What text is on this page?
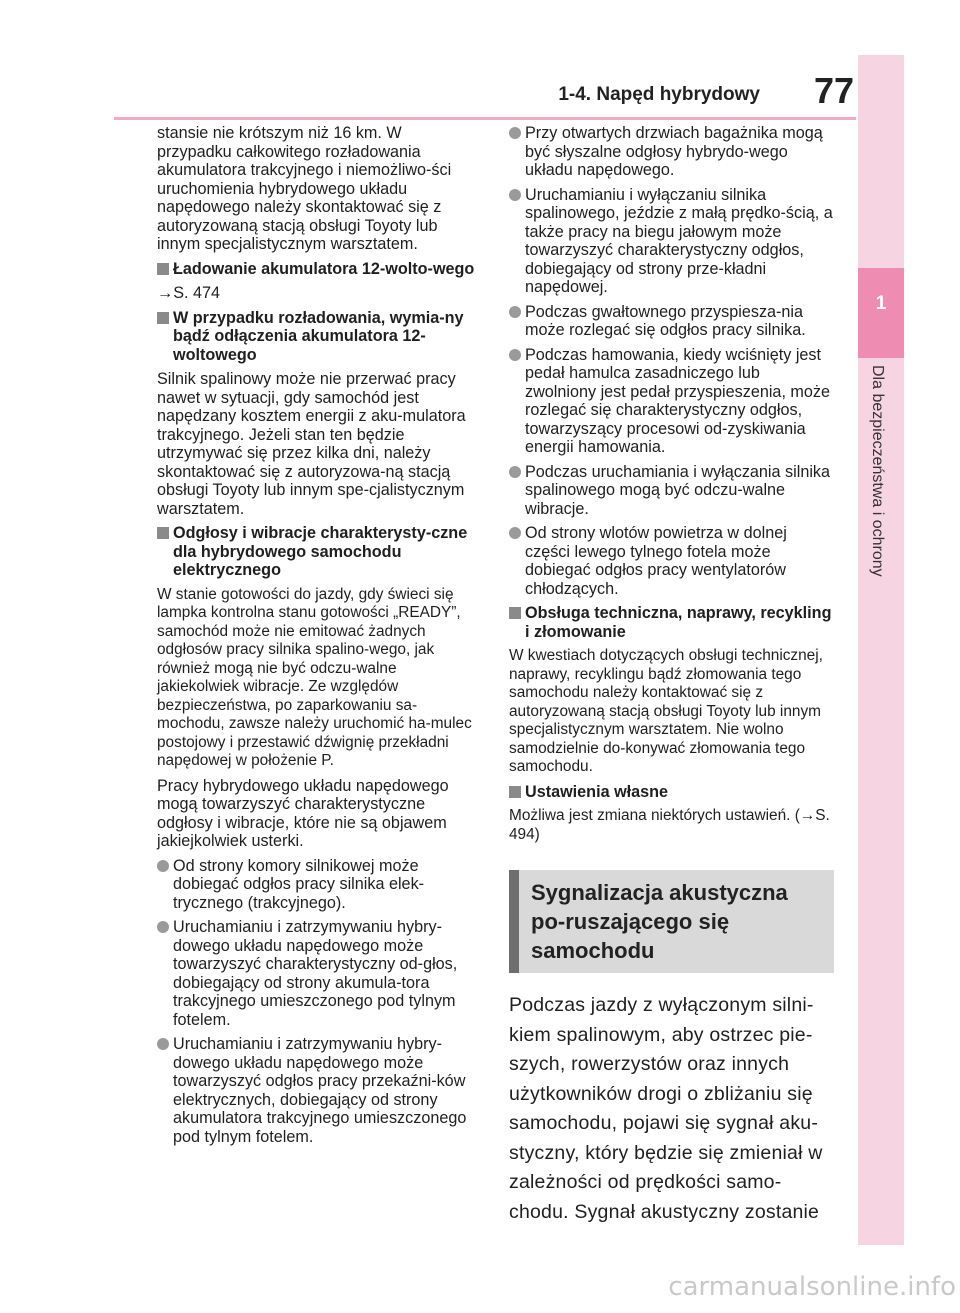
1-4. Napęd hybrydowy	77
1
Dla bezpieczeństwa i ochrony

stansie nie krótszym niż 16 km. W przypadku całkowitego rozładowania akumulatora trakcyjnego i niemożliwo-ści uruchomienia hybrydowego układu napędowego należy skontaktować się z autoryzowaną stacją obsługi Toyoty lub innym specjalistycznym warsztatem.

Ładowanie akumulatora 12-wolto-wego

→S. 474

W przypadku rozładowania, wymia-ny bądź odłączenia akumulatora 12-woltowego

Silnik spalinowy może nie przerwać pracy nawet w sytuacji, gdy samochód jest napędzany kosztem energii z aku-mulatora trakcyjnego. Jeżeli stan ten będzie utrzymywać się przez kilka dni, należy skontaktować się z autoryzowa-ną stacją obsługi Toyoty lub innym spe-cjalistycznym warsztatem.

Odgłosy i wibracje charakterysty-czne dla hybrydowego samochodu elektrycznego

W stanie gotowości do jazdy, gdy świeci się lampka kontrolna stanu gotowości „READY”, samochód może nie emitować żadnych odgłosów pracy silnika spalino-wego, jak również mogą nie być odczu-walne jakiekolwiek wibracje. Ze względów bezpieczeństwa, po zaparkowaniu sa-mochodu, zawsze należy uruchomić ha-mulec postojowy i przestawić dźwignię przekładni napędowej w położenie P.

Pracy hybrydowego układu napędowego mogą towarzyszyć charakterystyczne odgłosy i wibracje, które nie są objawem jakiejkolwiek usterki.

Od strony komory silnikowej może dobiegać odgłos pracy silnika elek-trycznego (trakcyjnego).

Uruchamianiu i zatrzymywaniu hybry-dowego układu napędowego może towarzyszyć charakterystyczny od-głos, dobiegający od strony akumula-tora trakcyjnego umieszczonego pod tylnym fotelem.

Uruchamianiu i zatrzymywaniu hybry-dowego układu napędowego może towarzyszyć odgłos pracy przekaźni-ków elektrycznych, dobiegający od strony akumulatora trakcyjnego umieszczonego pod tylnym fotelem.

Przy otwartych drzwiach bagażnika mogą być słyszalne odgłosy hybrydo-wego układu napędowego.

Uruchamianiu i wyłączaniu silnika spalinowego, jeździe z małą prędko-ścią, a także pracy na biegu jałowym może towarzyszyć charakterystyczny odgłos, dobiegający od strony prze-kładni napędowej.

Podczas gwałtownego przyspiesza-nia może rozlegać się odgłos pracy silnika.

Podczas hamowania, kiedy wciśnięty jest pedał hamulca zasadniczego lub zwolniony jest pedał przyspieszenia, może rozlegać się charakterystyczny odgłos, towarzyszący procesowi od-zyskiwania energii hamowania.

Podczas uruchamiania i wyłączania silnika spalinowego mogą być odczu-walne wibracje.

Od strony wlotów powietrza w dolnej części lewego tylnego fotela może dobiegać odgłos pracy wentylatorów chłodzących.

Obsługa techniczna, naprawy, recykling i złomowanie

W kwestiach dotyczących obsługi technicznej, naprawy, recyklingu bądź złomowania tego samochodu należy kontaktować się z autoryzowaną stacją obsługi Toyoty lub innym specjalistycznym warsztatem. Nie wolno samodzielnie do-konywać złomowania tego samochodu.

Ustawienia własne

Możliwa jest zmiana niektórych ustawień. (→S. 494)

Sygnalizacja akustyczna po-ruszającego się samochodu

Podczas jazdy z wyłączonym silni-kiem spalinowym, aby ostrzec pie-szych, rowerzystów oraz innych użytkowników drogi o zbliżaniu się samochodu, pojawi się sygnał aku-styczny, który będzie się zmieniał w zależności od prędkości samo-chodu. Sygnał akustyczny zostanie

carmanualsonline.info
